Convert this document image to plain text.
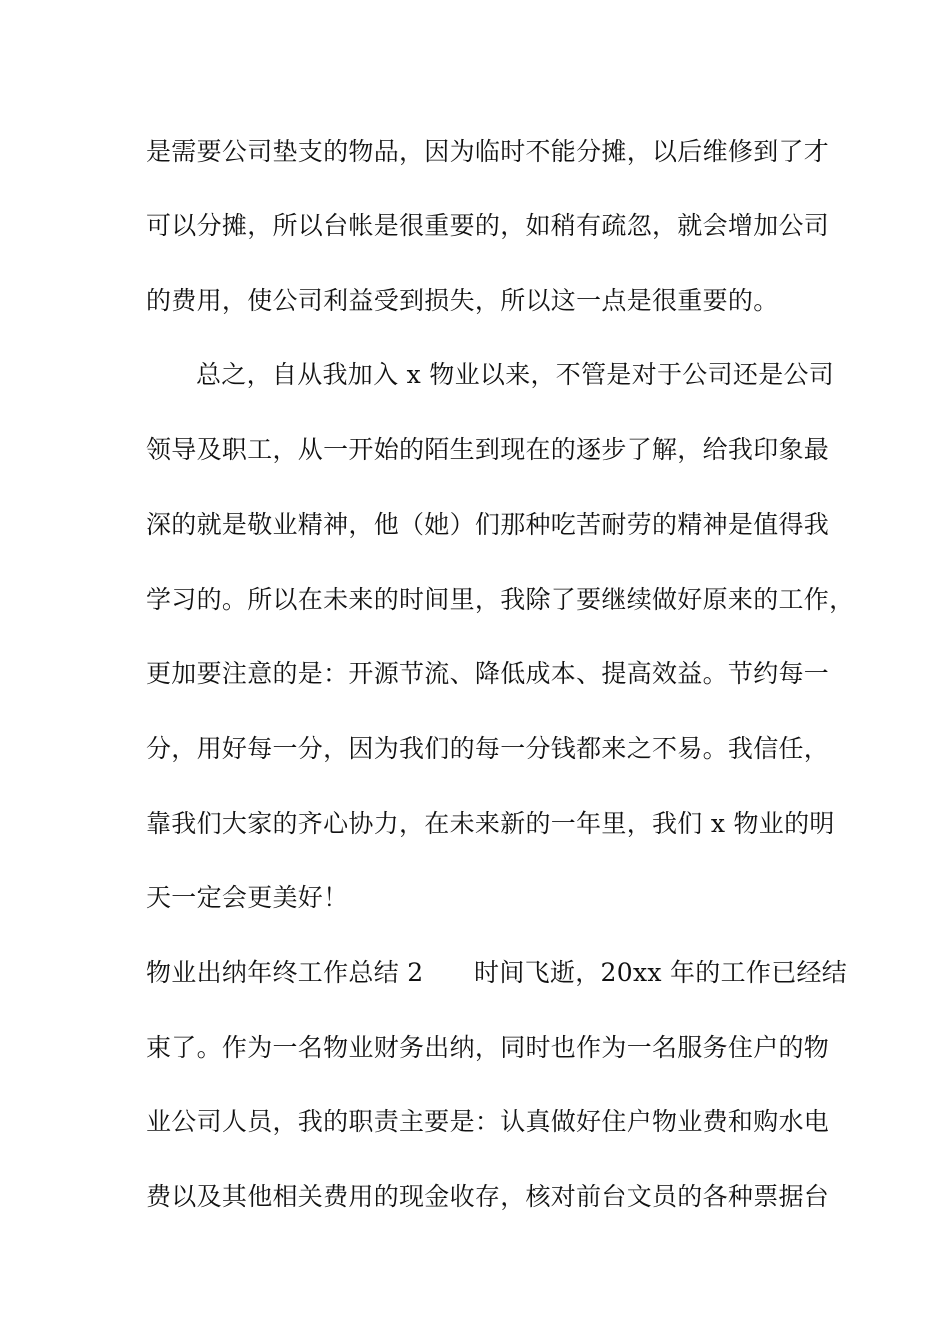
是需要公司垫支的物品，因为临时不能分摊，以后维修到了才
可以分摊，所以台帐是很重要的，如稍有疏忽，就会增加公司
的费用，使公司利益受到损失，所以这一点是很重要的。
总之，自从我加入 x 物业以来，不管是对于公司还是公司
领导及职工，从一开始的陌生到现在的逐步了解，给我印象最
深的就是敬业精神，他（她）们那种吃苦耐劳的精神是值得我
学习的。所以在未来的时间里，我除了要继续做好原来的工作，
更加要注意的是：开源节流、降低成本、提高效益。节约每一
分，用好每一分，因为我们的每一分钱都来之不易。我信任，
靠我们大家的齐心协力，在未来新的一年里，我们 x 物业的明
天一定会更美好！
物业出纳年终工作总结 2　　时间飞逝，20xx 年的工作已经结
束了。作为一名物业财务出纳，同时也作为一名服务住户的物
业公司人员，我的职责主要是：认真做好住户物业费和购水电
费以及其他相关费用的现金收存，核对前台文员的各种票据台
